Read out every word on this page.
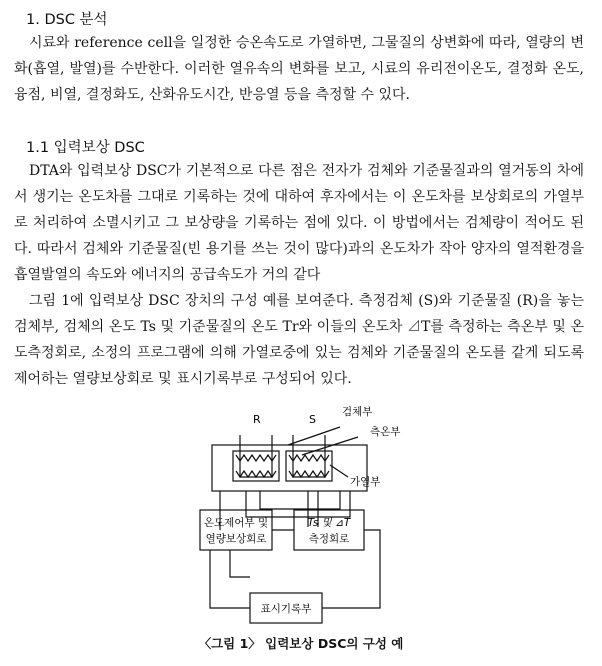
1. DSC 분석

시료와 reference cell을 일정한 승온속도로 가열하면, 그물질의 상변화에 따라, 열량의 변화(흡열, 발열)를 수반한다. 이러한 열유속의 변화를 보고, 시료의 유리전이온도, 결정화 온도, 융점, 비열, 결정화도, 산화유도시간, 반응열 등을 측정할 수 있다.

1.1 입력보상 DSC

DTA와 입력보상 DSC가 기본적으로 다른 점은 전자가 검체와 기준물질과의 열거동의 차에서 생기는 온도차를 그대로 기록하는 것에 대하여 후자에서는 이 온도차를 보상회로의 가열부로 처리하여 소멸시키고 그 보상량을 기록하는 점에 있다. 이 방법에서는 검체량이 적어도 된다. 따라서 검체와 기준물질(빈 용기를 쓰는 것이 많다)과의 온도차가 작아 양자의 열적환경을 흡열발열의 속도와 에너지의 공급속도가 거의 같다

그림 1에 입력보상 DSC 장치의 구성 예를 보여준다. 측정검체 (S)와 기준물질 (R)을 놓는 검체부, 검체의 온도 Ts 및 기준물질의 온도 Tr와 이들의 온도차 ⊿T를 측정하는 측온부 및 온도측정회로, 소정의 프로그램에 의해 가열로중에 있는 검체와 기준물질의 온도를 같게 되도록 제어하는 열량보상회로 및 표시기록부로 구성되어 있다.

R	S
검체부
측온부
가열부
온도제어부 및
열량보상회로
Ts 및 ⊿T
측정회로
표시기록부
〈그림 1〉 입력보상 DSC의 구성 예
